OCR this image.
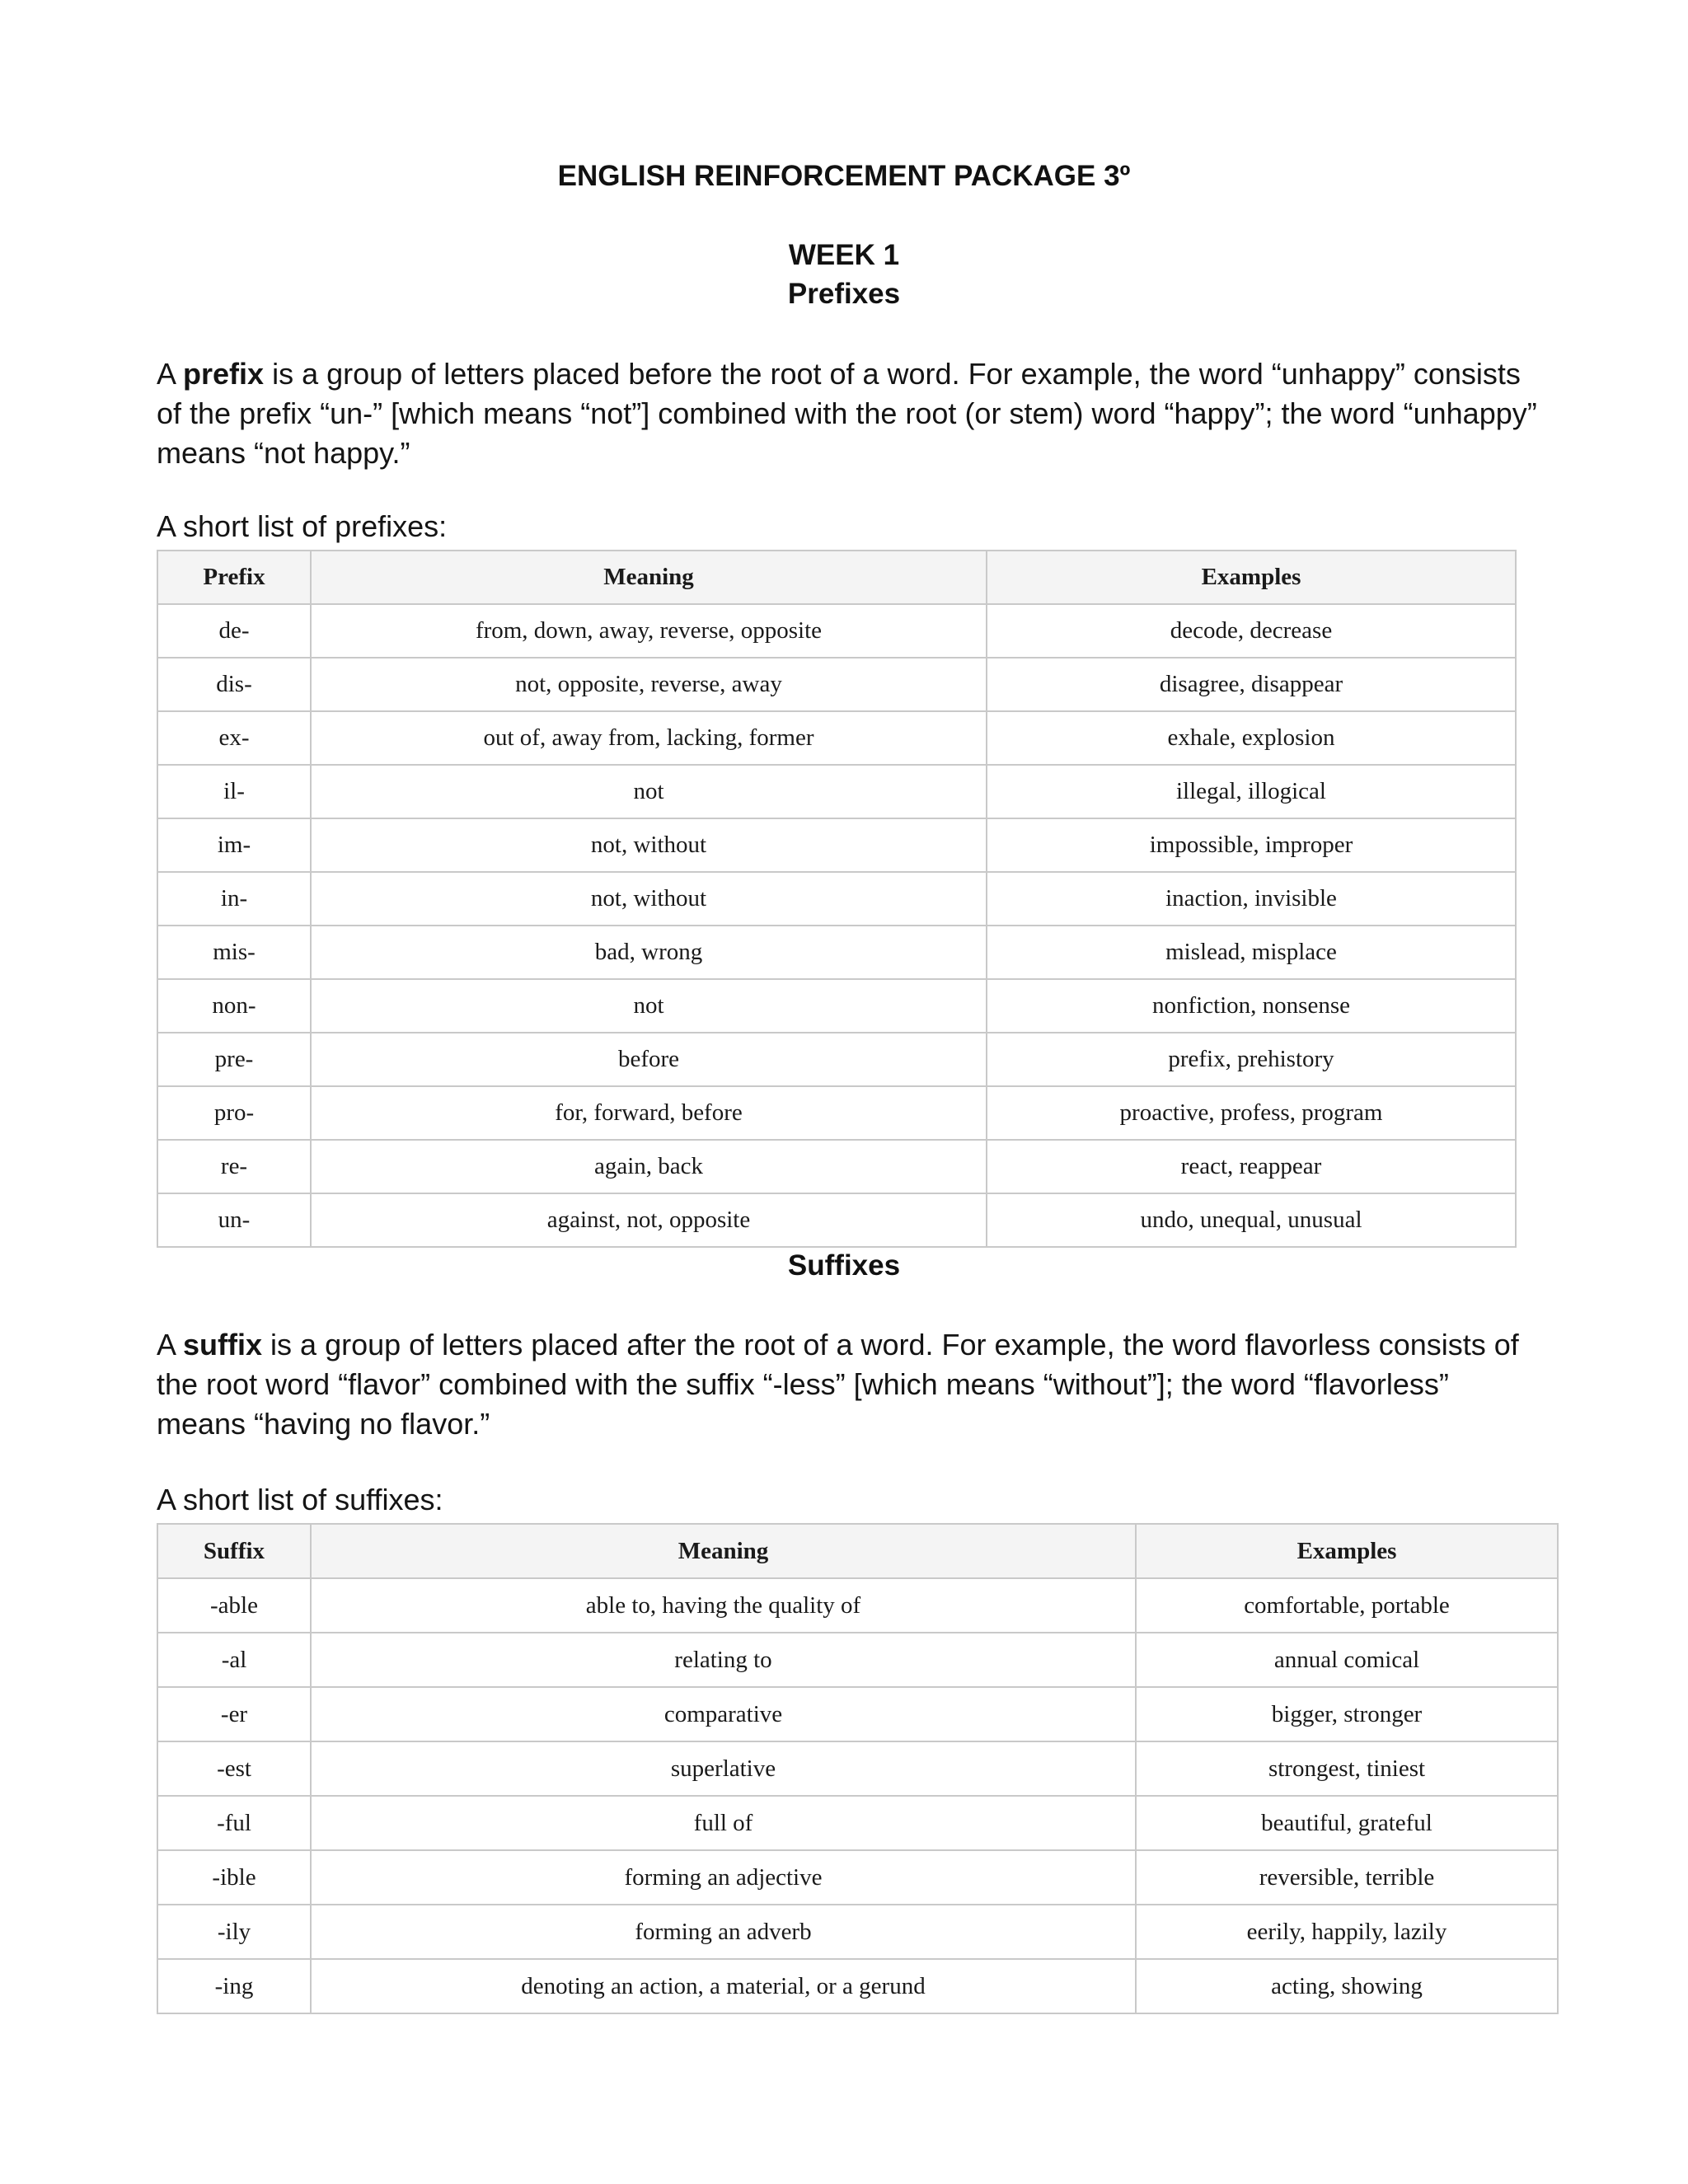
ENGLISH REINFORCEMENT PACKAGE 3º
WEEK 1
Prefixes

A prefix is a group of letters placed before the root of a word. For example, the word “unhappy” consists of the prefix “un-” [which means “not”] combined with the root (or stem) word “happy”; the word “unhappy” means “not happy.”

A short list of prefixes:

Prefix	Meaning	Examples
de-	from, down, away, reverse, opposite	decode, decrease
dis-	not, opposite, reverse, away	disagree, disappear
ex-	out of, away from, lacking, former	exhale, explosion
il-	not	illegal, illogical
im-	not, without	impossible, improper
in-	not, without	inaction, invisible
mis-	bad, wrong	mislead, misplace
non-	not	nonfiction, nonsense
pre-	before	prefix, prehistory
pro-	for, forward, before	proactive, profess, program
re-	again, back	react, reappear
un-	against, not, opposite	undo, unequal, unusual
Suffixes

A suffix is a group of letters placed after the root of a word. For example, the word flavorless consists of the root word “flavor” combined with the suffix “-less” [which means “without”]; the word “flavorless” means “having no flavor.”

A short list of suffixes:

Suffix	Meaning	Examples
-able	able to, having the quality of	comfortable, portable
-al	relating to	annual comical
-er	comparative	bigger, stronger
-est	superlative	strongest, tiniest
-ful	full of	beautiful, grateful
-ible	forming an adjective	reversible, terrible
-ily	forming an adverb	eerily, happily, lazily
-ing	denoting an action, a material, or a gerund	acting, showing
